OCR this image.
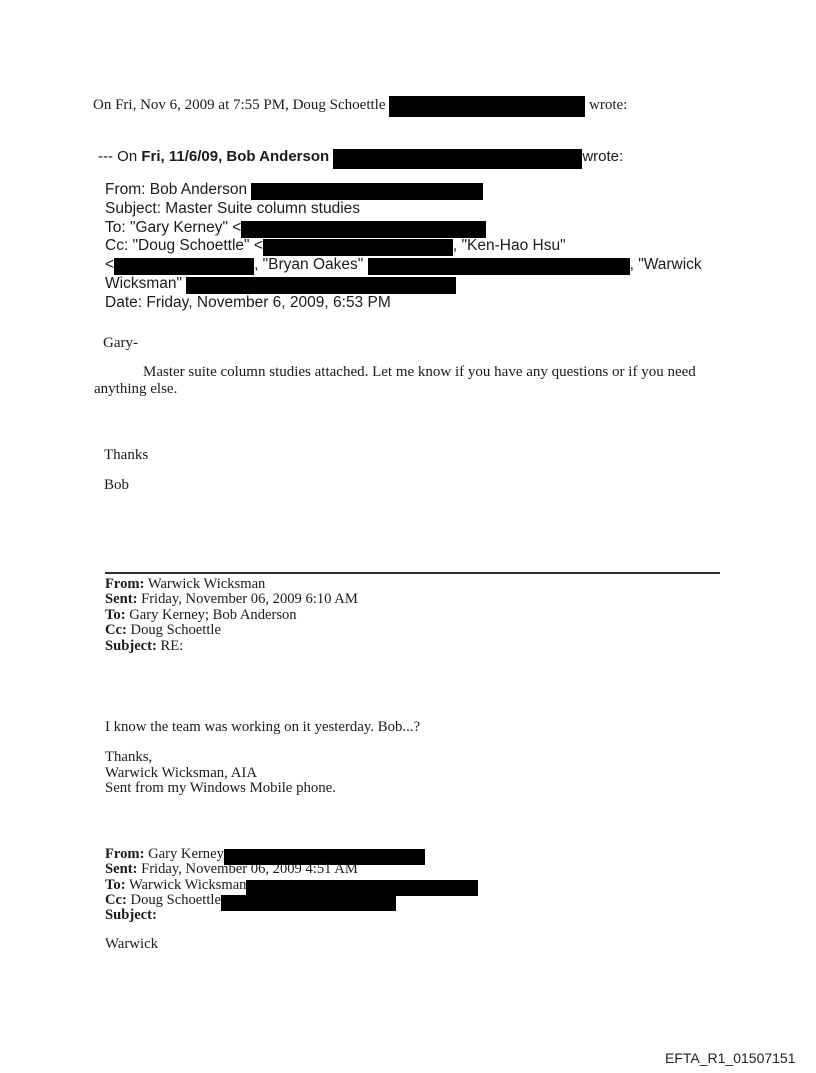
On Fri, Nov 6, 2009 at 7:55 PM, Doug Schoettle	wrote:
--- On Fri, 11/6/09, Bob Anderson	wrote:
From: Bob Anderson
Subject: Master Suite column studies
To: "Gary Kerney" <
Cc: "Doug Schoettle" <	, "Ken-Hao Hsu"
<	, "Bryan Oakes"	, "Warwick
Wicksman"
Date: Friday, November 6, 2009, 6:53 PM
Gary-
Master suite column studies attached. Let me know if you have any questions or if you need
anything else.
Thanks
Bob
From: Warwick Wicksman
Sent: Friday, November 06, 2009 6:10 AM
To: Gary Kerney; Bob Anderson
Cc: Doug Schoettle
Subject: RE:
I know the team was working on it yesterday. Bob...?
Thanks,
Warwick Wicksman, AIA
Sent from my Windows Mobile phone.
From: Gary Kerney
Sent: Friday, November 06, 2009 4:51 AM
To: Warwick Wicksman
Cc: Doug Schoettle
Subject:
Warwick
EFTA_R1_01507151
